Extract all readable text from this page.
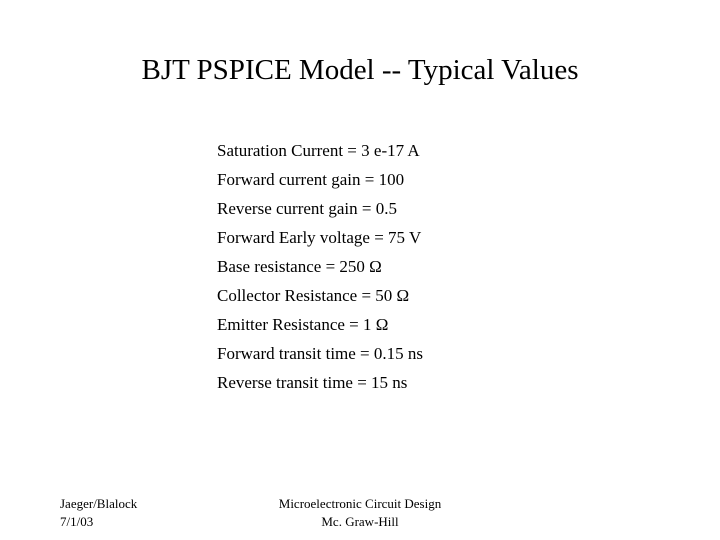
BJT PSPICE Model -- Typical Values
Saturation Current = 3 e-17 A
Forward current gain = 100
Reverse current gain = 0.5
Forward Early voltage = 75 V
Base resistance = 250 Ω
Collector Resistance = 50 Ω
Emitter Resistance = 1 Ω
Forward transit time = 0.15 ns
Reverse transit time = 15 ns
Jaeger/Blalock
7/1/03
Microelectronic Circuit Design
Mc. Graw-Hill
